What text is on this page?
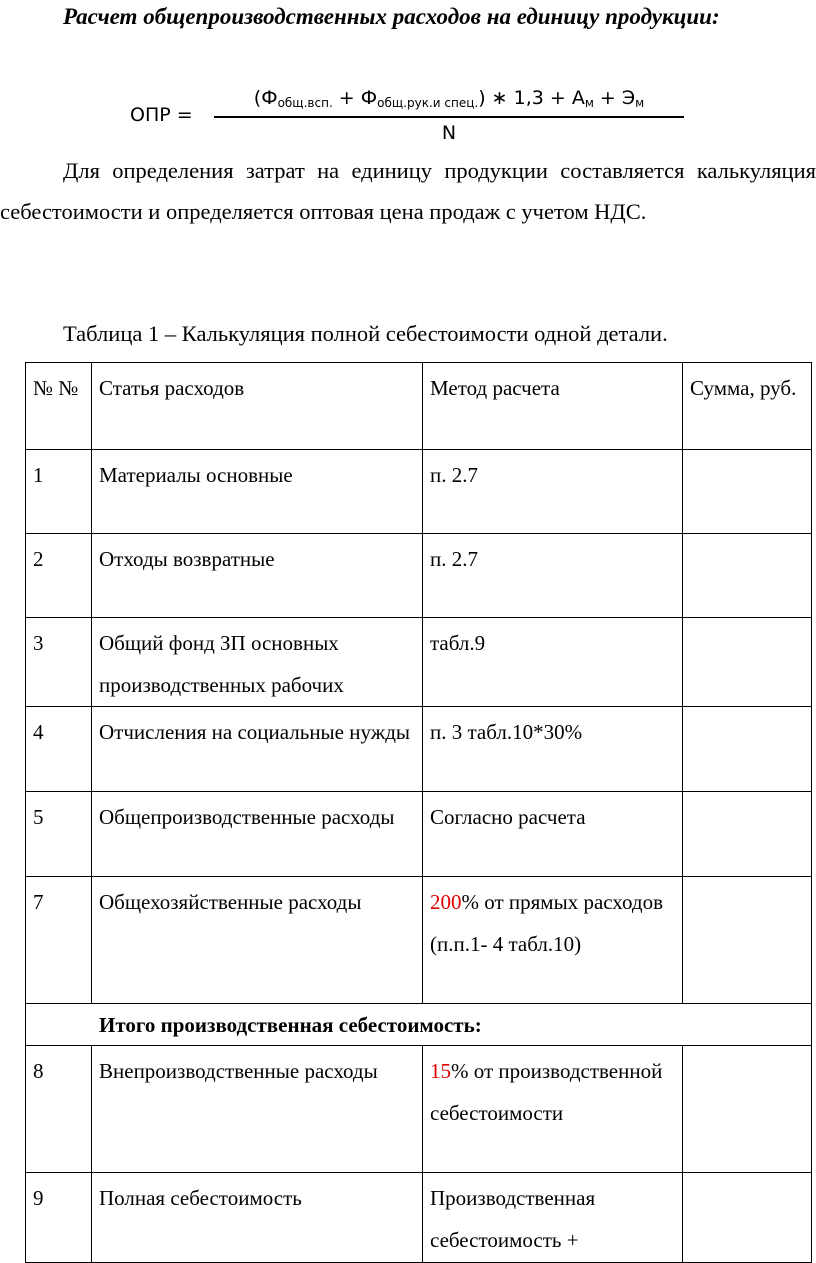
Расчет общепроизводственных расходов на единицу продукции:
ОПР =
$(Ф_{общ.всп.} + Ф_{общ.рук.и спец.})$ ∗ $1,3 + А_м + Э_м$
N

Для определения затрат на единицу продукции составляется калькуляция себестоимости и определяется оптовая цена продаж с учетом НДС.

Таблица 1 – Калькуляция полной себестоимости одной детали.
№ №	Статья расходов	Метод расчета	Сумма, руб.
1	Материалы основные	п. 2.7	
2	Отходы возвратные	п. 2.7	
3	Общий фонд ЗП основных производственных рабочих	табл.9	
4	Отчисления на социальные нужды	п. 3 табл.10*30%	
5	Общепроизводственные расходы	Согласно расчета	
7	Общехозяйственные расходы	200% от прямых расходов (п.п.1- 4 табл.10)	
Итого производственная себестоимость:			
8	Внепроизводственные расходы	15% от производственной себестоимости	
9	Полная себестоимость	Производственная себестоимость +	
